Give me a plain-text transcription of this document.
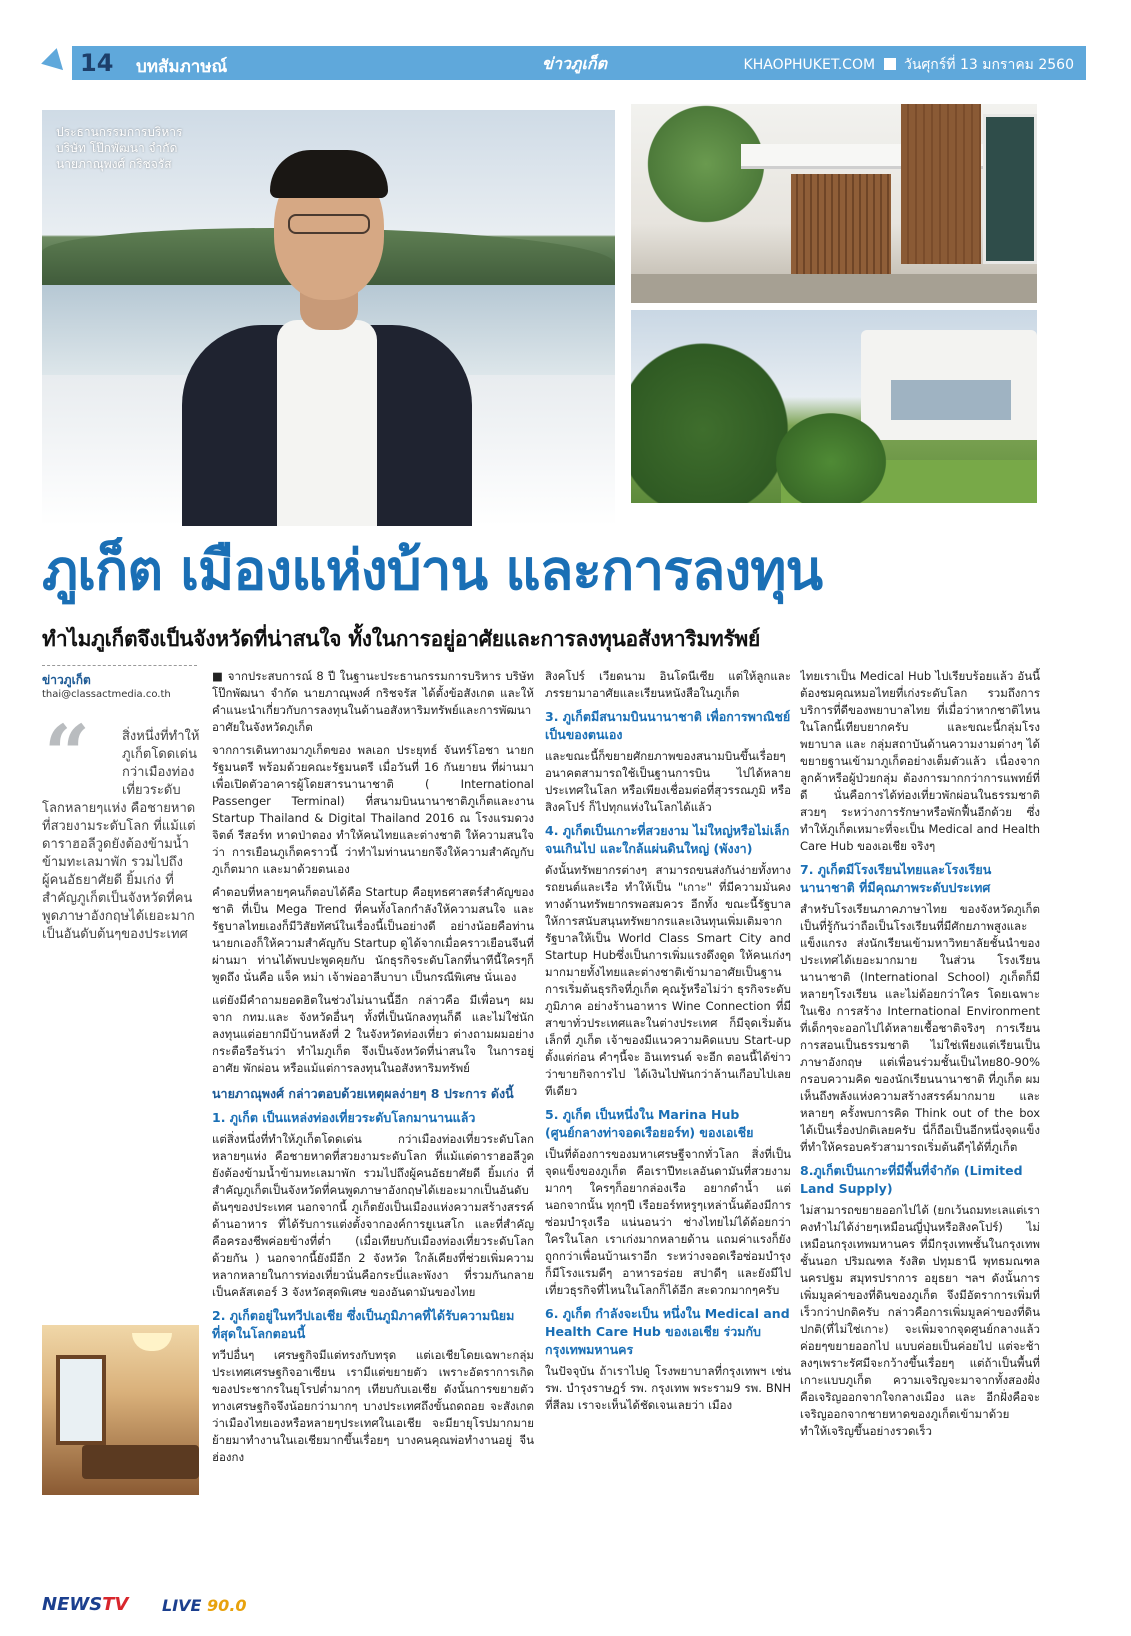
14 บทสัมภาษณ์	ข่าวภูเก็ต	KHAOPHUKET.COM วันศุกร์ที่ 13 มกราคม 2560
ประธานกรรมการบริหาร
บริษัท โป๊กพัฒนา จำกัด
นายภาณุพงศ์ กริชจรัส
ภูเก็ต เมืองแห่งบ้าน และการลงทุน
ทำไมภูเก็ตจึงเป็นจังหวัดที่น่าสนใจ ทั้งในการอยู่อาศัยและการลงทุนอสังหาริมทรัพย์
ข่าวภูเก็ต
thai@classactmedia.co.th
“	สิ่งหนึ่งที่ทำให้ภูเก็ตโดดเด่น กว่าเมืองท่องเที่ยวระดับ
โลกหลายๆแห่ง คือชายหาดที่สวยงามระดับโลก ที่แม้แต่ดาราฮอลีวูดยังต้องข้ามน้ำข้ามทะเลมาพัก รวมไปถึงผู้คนอัธยาศัยดี ยิ้มเก่ง ที่สำคัญภูเก็ตเป็นจังหวัดที่คนพูดภาษาอังกฤษได้เยอะมากเป็นอันดับต้นๆของประเทศ

■ จากประสบการณ์ 8 ปี ในฐานะประธานกรรมการบริหาร บริษัท โป๊กพัฒนา จำกัด นายภาณุพงศ์ กริชจรัส ได้ตั้งข้อสังเกต และให้คำแนะนำเกี่ยวกับการลงทุนในด้านอสังหาริมทรัพย์และการพัฒนาอาศัยในจังหวัดภูเก็ต

จากการเดินทางมาภูเก็ตของ พลเอก ประยุทธ์ จันทร์โอชา นายกรัฐมนตรี พร้อมด้วยคณะรัฐมนตรี เมื่อวันที่ 16 กันยายน ที่ผ่านมา เพื่อเปิดตัวอาคารผู้โดยสารนานาชาติ ( International Passenger Terminal) ที่สนามบินนานาชาติภูเก็ตและงาน Startup Thailand & Digital Thailand 2016 ณ โรงแรมดวงจิตต์ รีสอร์ท หาดป่าตอง ทำให้คนไทยและต่างชาติ ให้ความสนใจว่า การเยือนภูเก็ตคราวนี้ ว่าทำไมท่านนายกจึงให้ความสำคัญกับภูเก็ตมาก และมาด้วยตนเอง

คำตอบที่หลายๆคนก็ตอบได้คือ Startup คือยุทธศาสตร์สำคัญของชาติ ที่เป็น Mega Trend ที่คนทั้งโลกกำลังให้ความสนใจ และรัฐบาลไทยเองก็มีวิสัยทัศน์ในเรื่องนี้เป็นอย่างดี อย่างน้อยคือท่านนายกเองก็ให้ความสำคัญกับ Startup ดูได้จากเมื่อคราวเยือนจีนที่ผ่านมา ท่านได้พบปะพูดคุยกับ นักธุรกิจระดับโลกที่นาทีนี้ใครๆก็พูดถึง นั่นคือ แจ็ค หม่า เจ้าพ่ออาลีบาบา เป็นกรณีพิเศษ นั่นเอง

แต่ยังมีคำถามยอดฮิตในช่วงไม่นานนี้อีก กล่าวคือ มีเพื่อนๆ ผมจาก กทม.และ จังหวัดอื่นๆ ทั้งที่เป็นนักลงทุนก็ดี และไม่ใช่นักลงทุนแต่อยากมีบ้านหลังที่ 2 ในจังหวัดท่องเที่ยว ต่างถามผมอย่างกระตือรือร้นว่า ทำไมภูเก็ต จึงเป็นจังหวัดที่น่าสนใจ ในการอยู่อาศัย พักผ่อน หรือแม้แต่การลงทุนในอสังหาริมทรัพย์

นายภาณุพงศ์ กล่าวตอบด้วยเหตุผลง่ายๆ 8 ประการ ดังนี้
1. ภูเก็ต เป็นแหล่งท่องเที่ยวระดับโลกมานานแล้ว

แต่สิ่งหนึ่งที่ทำให้ภูเก็ตโดดเด่น กว่าเมืองท่องเที่ยวระดับโลก หลายๆแห่ง คือชายหาดที่สวยงามระดับโลก ที่แม้แต่ดาราฮอลีวูดยังต้องข้ามน้ำข้ามทะเลมาพัก รวมไปถึงผู้คนอัธยาศัยดี ยิ้มเก่ง ที่สำคัญภูเก็ตเป็นจังหวัดที่คนพูดภาษาอังกฤษได้เยอะมากเป็นอันดับต้นๆของประเทศ นอกจากนี้ ภูเก็ตยังเป็นเมืองแห่งความสร้างสรรค์ด้านอาหาร ที่ได้รับการแต่งตั้งจากองค์การยูเนสโก และที่สำคัญคือครองชีพค่อยข้างที่ต่ำ (เมื่อเทียบกับเมืองท่องเที่ยวระดับโลกด้วยกัน ) นอกจากนี้ยังมีอีก 2 จังหวัด ใกล้เคียงที่ช่วยเพิ่มความหลากหลายในการท่องเที่ยวนั่นคือกระบี่และพังงา ที่รวมกันกลายเป็นคลัสเตอร์ 3 จังหวัดสุดพิเศษ ของอันดามันของไทย

2. ภูเก็ตอยู่ในทวีปเอเชีย ซึ่งเป็นภูมิภาคที่ได้รับความนิยมที่สุดในโลกตอนนี้

ทวีปอื่นๆ เศรษฐกิจมีแต่ทรงกับทรุด แต่เอเชียโดยเฉพาะกลุ่มประเทศเศรษฐกิจอาเซียน เรามีแต่ขยายตัว เพราะอัตราการเกิดของประชากรในยุโรปต่ำมากๆ เทียบกับเอเชีย ดังนั้นการขยายตัวทางเศรษฐกิจจึงน้อยกว่ามากๆ บางประเทศถึงขั้นถดถอย จะสังเกตว่าเมืองไทยเองหรือหลายๆประเทศในเอเชีย จะมียายุโรปมากมาย ย้ายมาทำงานในเอเชียมากขึ้นเรื่อยๆ บางคนคุณพ่อทำงานอยู่ จีน ฮ่องกง

สิงคโปร์ เวียดนาม อินโดนีเซีย แต่ให้ลูกและภรรยามาอาศัยและเรียนหนังสือในภูเก็ต

3. ภูเก็ตมีสนามบินนานาชาติ เพื่อการพาณิชย์ เป็นของตนเอง

และขณะนี้ก็ขยายศักยภาพของสนามบินขึ้นเรื่อยๆ อนาคตสามารถใช้เป็นฐานการบิน ไปได้หลายประเทศในโลก หรือเพียงเชื่อมต่อที่สุวรรณภูมิ หรือสิงคโปร์ ก็ไปทุกแห่งในโลกได้แล้ว

4. ภูเก็ตเป็นเกาะที่สวยงาม ไม่ใหญ่หรือไม่เล็กจนเกินไป และใกล้แผ่นดินใหญ่ (พังงา)

ดังนั้นทรัพยากรต่างๆ สามารถขนส่งกันง่ายทั้งทางรถยนต์และเรือ ทำให้เป็น "เกาะ" ที่มีความมั่นคงทางด้านทรัพยากรพอสมควร อีกทั้ง ขณะนี้รัฐบาลให้การสนับสนุนทรัพยากรและเงินทุนเพิ่มเติมจากรัฐบาลให้เป็น World Class Smart City and Startup Hubซึ่งเป็นการเพิ่มแรงดึงดูด ให้คนเก่งๆมากมายทั้งไทยและต่างชาติเข้ามาอาศัยเป็นฐานการเริ่มต้นธุรกิจที่ภูเก็ต คุณรู้หรือไม่ว่า ธุรกิจระดับภูมิภาค อย่างร้านอาหาร Wine Connection ที่มีสาขาทั่วประเทศและในต่างประเทศ ก็มีจุดเริ่มต้นเล็กที่ ภูเก็ต เจ้าของมีแนวความคิดแบบ Start-up ตั้งแต่ก่อน คำๆนี้จะ อินเทรนด์ จะอีก ตอนนี้ได้ข่าวว่าขายกิจการไป ได้เงินไปพันกว่าล้านเกือบไปเลยทีเดียว

5. ภูเก็ต เป็นหนึ่งใน Marina Hub (ศูนย์กลางท่าจอดเรือยอร์ท) ของเอเชีย

เป็นที่ต้องการของมหาเศรษฐีจากทั่วโลก สิ่งที่เป็นจุดแข็งของภูเก็ต คือเราปีทะเลอันดามันที่สวยงาม มากๆ ใครๆก็อยากล่องเรือ อยากดำน้ำ แต่นอกจากนั้น ทุกๆปี เรือยอร์ทหรูๆเหล่านั้นต้องมีการ ซ่อมบำรุงเรือ แน่นอนว่า ช่างไทยไม่ได้ด้อยกว่าใครในโลก เราเก่งมากหลายด้าน แถมค่าแรงก็ยังถูกกว่าเพื่อนบ้านเราอีก ระหว่างจอดเรือซ่อมบำรุง ก็มีโรงแรมดีๆ อาหารอร่อย สปาดีๆ และยังมีไปเที่ยวธุรกิจที่ไหนในโลกก็ได้อีก สะดวกมากๆครับ

6. ภูเก็ต กำลังจะเป็น หนึ่งใน Medical and Health Care Hub ของเอเชีย ร่วมกับกรุงเทพมหานคร

ในปัจจุบัน ถ้าเราไปดู โรงพยาบาลที่กรุงเทพฯ เช่น รพ. บำรุงราษฎร์ รพ. กรุงเทพ พระราม9 รพ. BNH ที่สีลม เราจะเห็นได้ชัดเจนเลยว่า เมือง

ไทยเราเป็น Medical Hub ไปเรียบร้อยแล้ว อันนี้ต้องชมคุณหมอไทยที่เก่งระดับโลก รวมถึงการบริการที่ดีของพยาบาลไทย ที่เมื่อว่าหากชาติไหนในโลกนี้เทียบยากครับ และขณะนี้กลุ่มโรงพยาบาล และ กลุ่มสถาบันด้านความงามต่างๆ ได้ขยายฐานเข้ามาภูเก็ตอย่างเต็มตัวแล้ว เนื่องจากลูกค้าหรือผู้ป่วยกลุ่ม ต้องการมากกว่าการแพทย์ที่ดี นั่นคือการได้ท่องเที่ยวพักผ่อนในธรรมชาติสวยๆ ระหว่างการรักษาหรือพักฟื้นอีกด้วย ซึ่งทำให้ภูเก็ตเหมาะที่จะเป็น Medical and Health Care Hub ของเอเชีย จริงๆ

7. ภูเก็ตมีโรงเรียนไทยและโรงเรียนนานาชาติ ที่มีคุณภาพระดับประเทศ

สำหรับโรงเรียนภาคภาษาไทย ของจังหวัดภูเก็ต เป็นที่รู้กันว่าถือเป็นโรงเรียนที่มีศักยภาพสูงและแข็งแกรง ส่งนักเรียนเข้ามหาวิทยาลัยชั้นนำของประเทศได้เยอะมากมาย ในส่วน โรงเรียนนานาชาติ (International School) ภูเก็ตก็มีหลายๆโรงเรียน และไม่ด้อยกว่าใคร โดยเฉพาะในเชิง การสร้าง International Environment ที่เด็กๆจะออกไปได้หลายเชื้อชาติจริงๆ การเรียนการสอนเป็นธรรมชาติ ไม่ใช่เพียงแต่เรียนเป็นภาษาอังกฤษ แต่เพื่อนร่วมชั้นเป็นไทย80-90% กรอบความคิด ของนักเรียนนานาชาติ ที่ภูเก็ต ผมเห็นถึงพลังแห่งความสร้างสรรค์มากมาย และหลายๆ ครั้งพบการคิด Think out of the box ได้เป็นเรื่องปกติเลยครับ นี่ก็ถือเป็นอีกหนึ่งจุดแข็งที่ทำให้ครอบครัวสามารถเริ่มต้นดีๆได้ที่ภูเก็ต

8.ภูเก็ตเป็นเกาะที่มีพื้นที่จำกัด (Limited Land Supply)

ไม่สามารถขยายออกไปได้ (ยกเว้นถมทะเลแต่เราคงทำไม่ได้ง่ายๆเหมือนญี่ปุ่นหรือสิงคโปร์) ไม่เหมือนกรุงเทพมหานคร ที่มีกรุงเทพชั้นในกรุงเทพชั้นนอก ปริมณฑล รังสิต ปทุมธานี พุทธมณฑล นครปฐม สมุทรปราการ อยุธยา ฯลฯ ดังนั้นการเพิ่มมูลค่าของที่ดินของภูเก็ต จึงมีอัตราการเพิ่มที่เร็วกว่าปกติครับ กล่าวคือการเพิ่มมูลค่าของที่ดินปกติ(ที่ไม่ใช่เกาะ) จะเพิ่มจากจุดศูนย์กลางแล้วค่อยๆขยายออกไป แบบค่อยเป็นค่อยไป แต่จะช้าลงๆเพราะรัศมีจะกว้างขึ้นเรื่อยๆ แต่ถ้าเป็นพื้นที่เกาะแบบภูเก็ต ความเจริญจะมาจากทั้งสองฝั่ง คือเจริญออกจากใจกลางเมือง และ อีกฝั่งคือจะเจริญออกจากชายหาดของภูเก็ตเข้ามาด้วย ทำให้เจริญขึ้นอย่างรวดเร็ว

NEWSTV LIVE 90.0
